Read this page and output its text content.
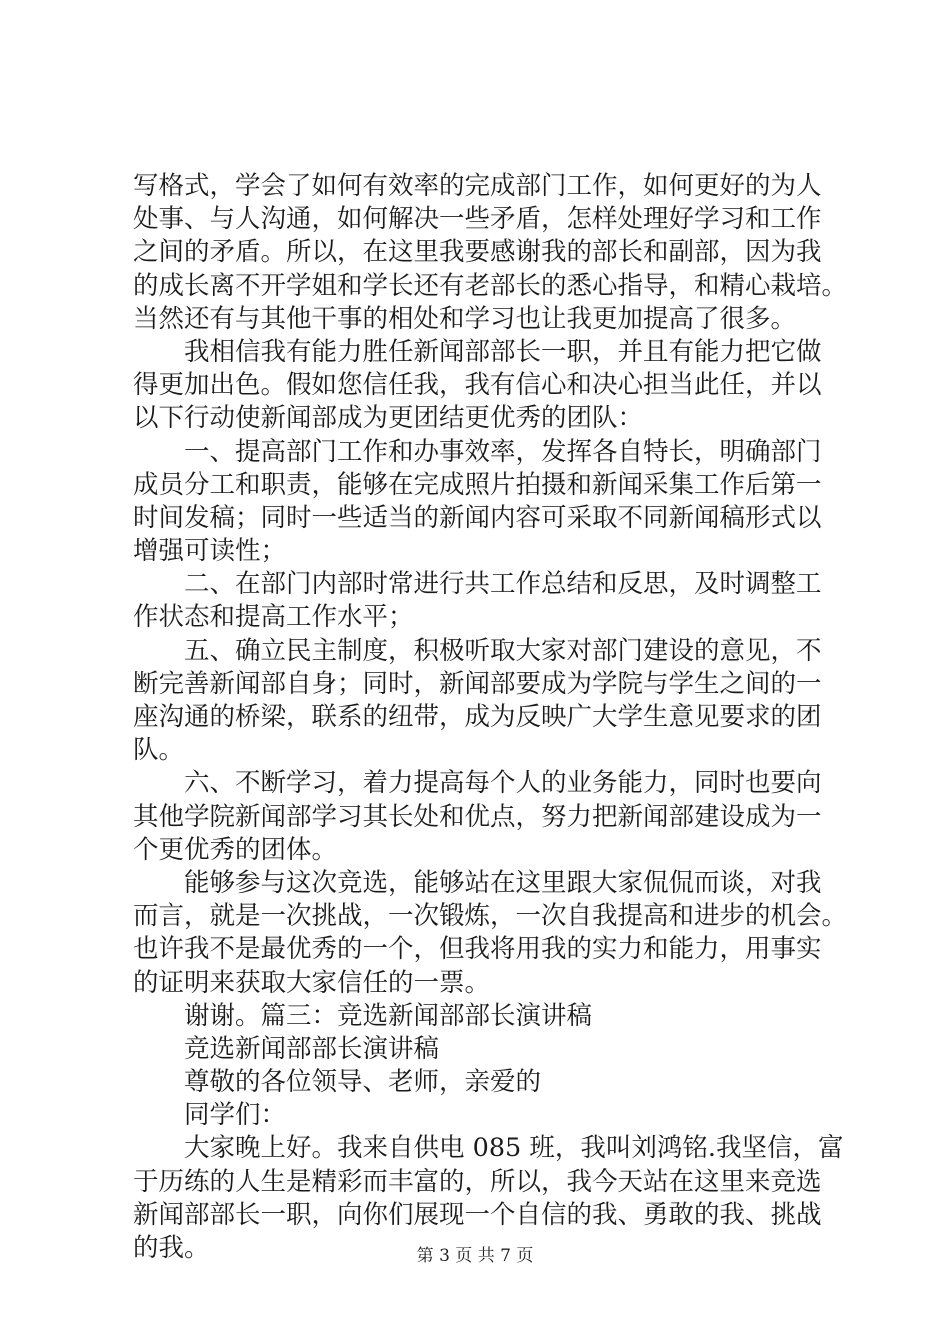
写格式，学会了如何有效率的完成部门工作，如何更好的为人
处事、与人沟通，如何解决一些矛盾，怎样处理好学习和工作
之间的矛盾。所以，在这里我要感谢我的部长和副部，因为我
的成长离不开学姐和学长还有老部长的悉心指导，和精心栽培。
当然还有与其他干事的相处和学习也让我更加提高了很多。
我相信我有能力胜任新闻部部长一职，并且有能力把它做
得更加出色。假如您信任我，我有信心和决心担当此任，并以
以下行动使新闻部成为更团结更优秀的团队：
一、提高部门工作和办事效率，发挥各自特长，明确部门
成员分工和职责，能够在完成照片拍摄和新闻采集工作后第一
时间发稿；同时一些适当的新闻内容可采取不同新闻稿形式以
增强可读性；
二、在部门内部时常进行共工作总结和反思，及时调整工
作状态和提高工作水平；
五、确立民主制度，积极听取大家对部门建设的意见，不
断完善新闻部自身；同时，新闻部要成为学院与学生之间的一
座沟通的桥梁，联系的纽带，成为反映广大学生意见要求的团
队。
六、不断学习，着力提高每个人的业务能力，同时也要向
其他学院新闻部学习其长处和优点，努力把新闻部建设成为一
个更优秀的团体。
能够参与这次竞选，能够站在这里跟大家侃侃而谈，对我
而言，就是一次挑战，一次锻炼，一次自我提高和进步的机会。
也许我不是最优秀的一个，但我将用我的实力和能力，用事实
的证明来获取大家信任的一票。
谢谢。篇三：竞选新闻部部长演讲稿
竞选新闻部部长演讲稿
尊敬的各位领导、老师，亲爱的
同学们：
大家晚上好。我来自供电 085 班，我叫刘鸿铭.我坚信，富
于历练的人生是精彩而丰富的，所以，我今天站在这里来竞选
新闻部部长一职，向你们展现一个自信的我、勇敢的我、挑战
的我。	第 3 页 共 7 页
